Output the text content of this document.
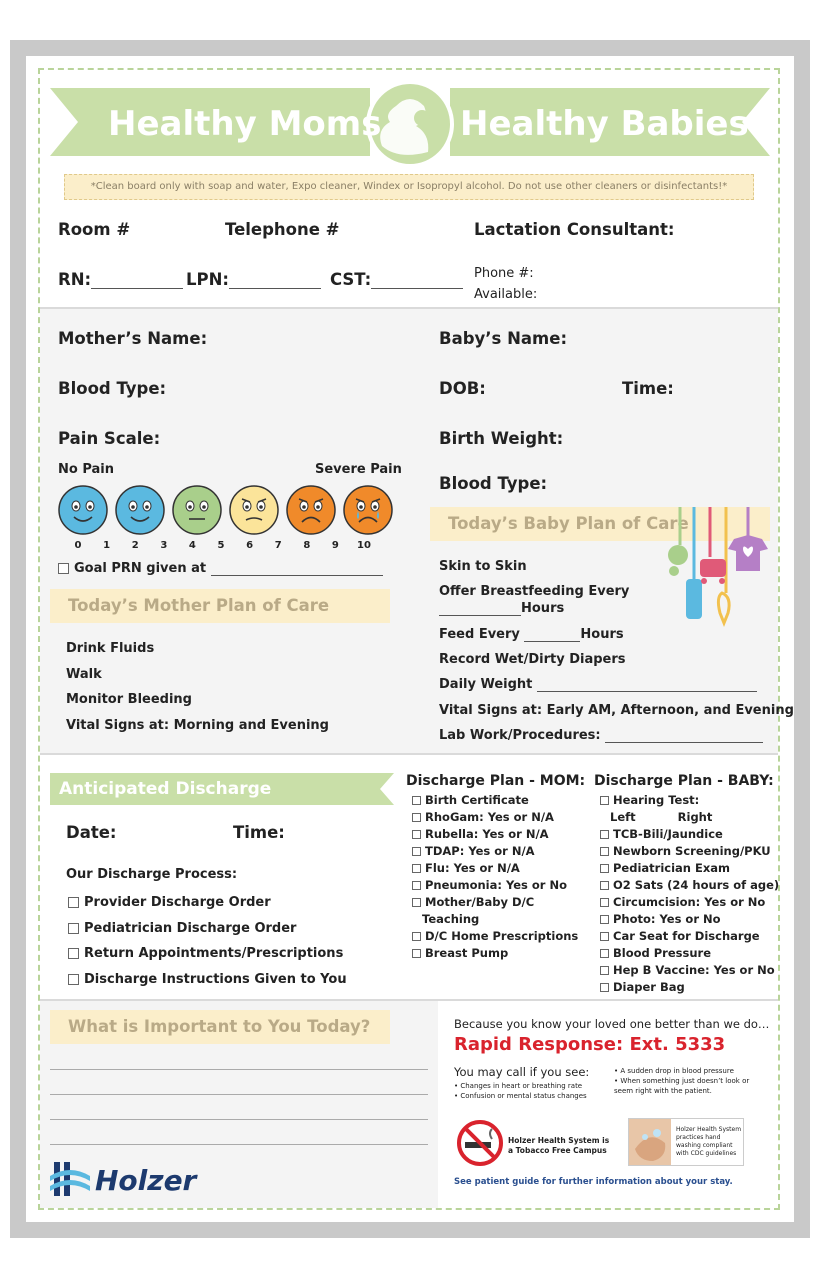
Healthy Moms Healthy Babies
*Clean board only with soap and water, Expo cleaner, Windex or Isopropyl alcohol. Do not use other cleaners or disinfectants!*
Room #	Telephone #	Lactation Consultant:
RN:	LPN:	CST:	Phone #:
Available:
Mother’s Name:
Blood Type:
Pain Scale:
No Pain	Severe Pain
0 1 2 3 4 5 6 7 8 9 10
Goal PRN given at
Today’s Mother Plan of Care
Drink Fluids
Walk
Monitor Bleeding
Vital Signs at: Morning and Evening
Baby’s Name:
DOB:	Time:
Birth Weight:
Blood Type:
Today’s Baby Plan of Care
Skin to Skin
Offer Breastfeeding Every
Hours
Feed Every	Hours
Record Wet/Dirty Diapers
Daily Weight
Vital Signs at: Early AM, Afternoon, and Evening
Lab Work/Procedures:
Anticipated Discharge
Date:	Time:
Our Discharge Process:
Provider Discharge Order
Pediatrician Discharge Order
Return Appointments/Prescriptions
Discharge Instructions Given to You
Discharge Plan - MOM:
Birth Certificate
RhoGam: Yes or N/A
Rubella: Yes or N/A
TDAP: Yes or N/A
Flu: Yes or N/A
Pneumonia: Yes or No
Mother/Baby D/C
Teaching
D/C Home Prescriptions
Breast Pump
Discharge Plan - BABY:
Hearing Test:
Left	Right
TCB-Bili/Jaundice
Newborn Screening/PKU
Pediatrician Exam
O2 Sats (24 hours of age)
Circumcision: Yes or No
Photo: Yes or No
Car Seat for Discharge
Blood Pressure
Hep B Vaccine: Yes or No
Diaper Bag
What is Important to You Today?
Holzer
Because you know your loved one better than we do…
Rapid Response: Ext. 5333
You may call if you see:
• Changes in heart or breathing rate
• Confusion or mental status changes
• A sudden drop in blood pressure
• When something just doesn’t look or seem right with the patient.
Holzer Health System is a Tobacco Free Campus
Holzer Health System practices hand washing compliant with CDC guidelines
See patient guide for further information about your stay.
